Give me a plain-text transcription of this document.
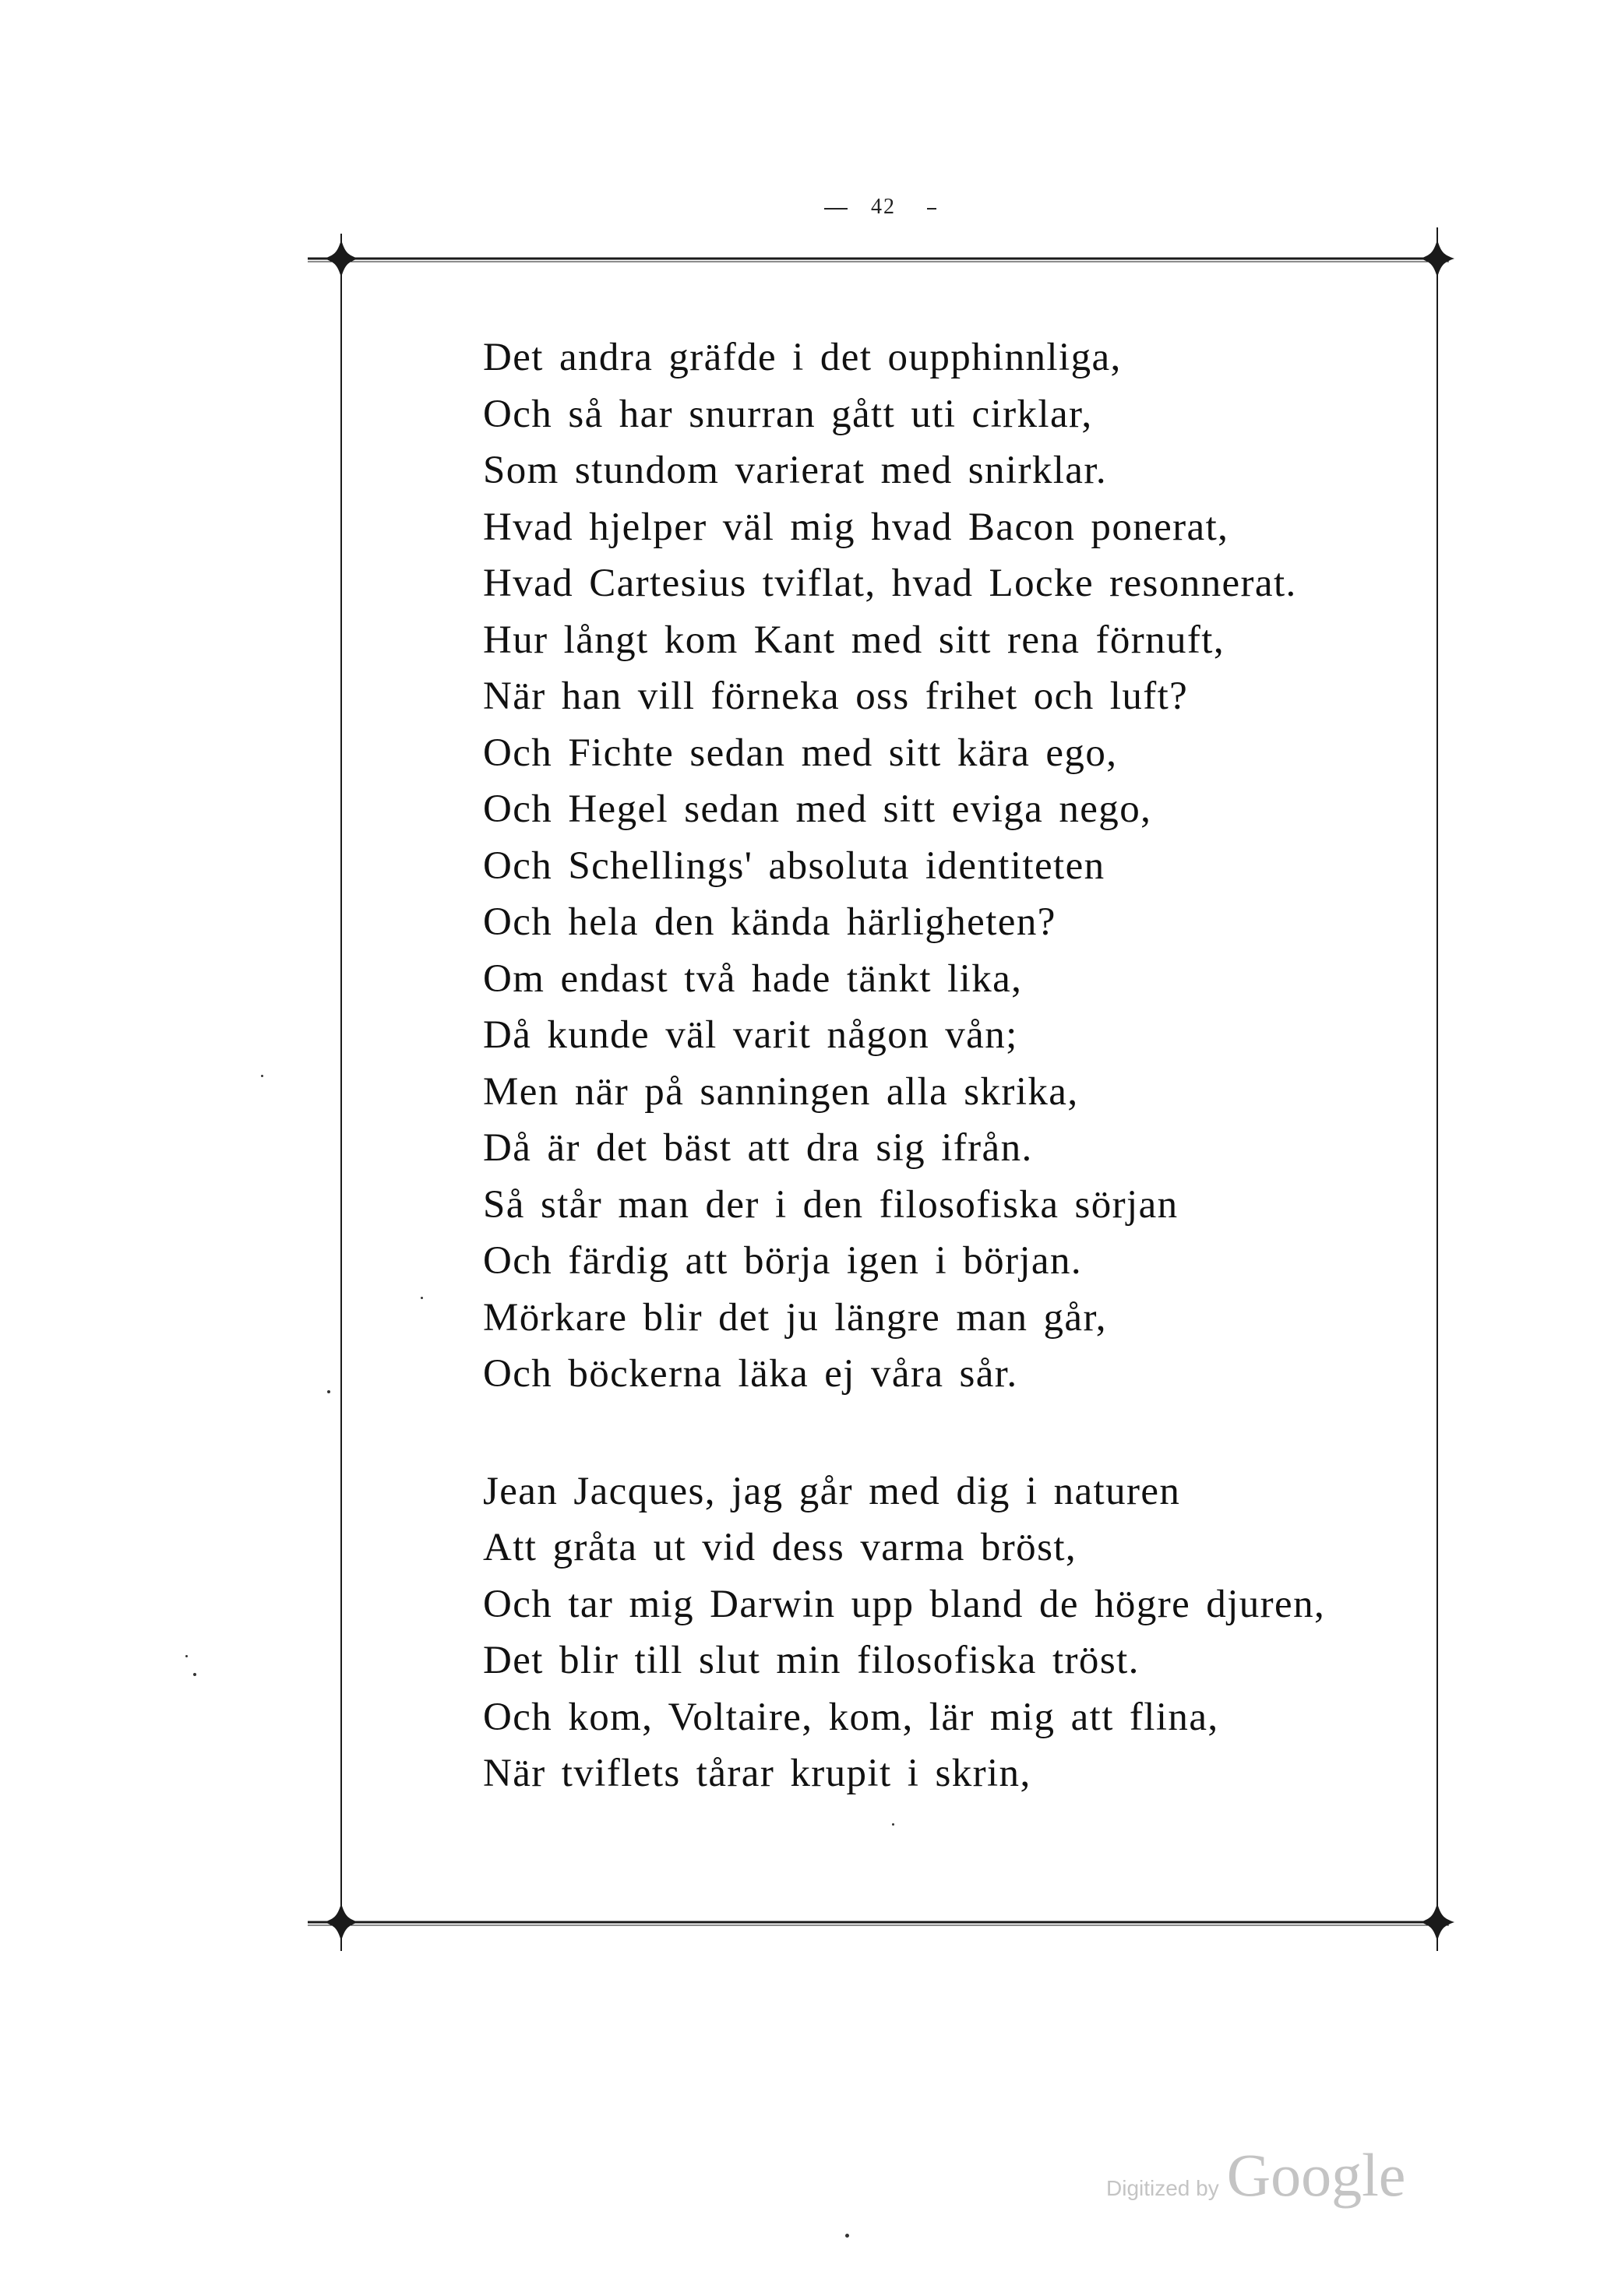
42
Det andra gräfde i det oupphinnliga,
Och så har snurran gått uti cirklar,
Som stundom varierat med snirklar.
Hvad hjelper väl mig hvad Bacon ponerat,
Hvad Cartesius tviflat, hvad Locke resonnerat.
Hur långt kom Kant med sitt rena förnuft,
När han vill förneka oss frihet och luft?
Och Fichte sedan med sitt kära ego,
Och Hegel sedan med sitt eviga nego,
Och Schellings' absoluta identiteten
Och hela den kända härligheten?
Om endast två hade tänkt lika,
Då kunde väl varit någon vån;
Men när på sanningen alla skrika,
Då är det bäst att dra sig ifrån.
Så står man der i den filosofiska sörjan
Och färdig att börja igen i början.
Mörkare blir det ju längre man går,
Och böckerna läka ej våra sår.
Jean Jacques, jag går med dig i naturen
Att gråta ut vid dess varma bröst,
Och tar mig Darwin upp bland de högre djuren,
Det blir till slut min filosofiska tröst.
Och kom, Voltaire, kom, lär mig att flina,
När tviflets tårar krupit i skrin,
Digitized by Google
